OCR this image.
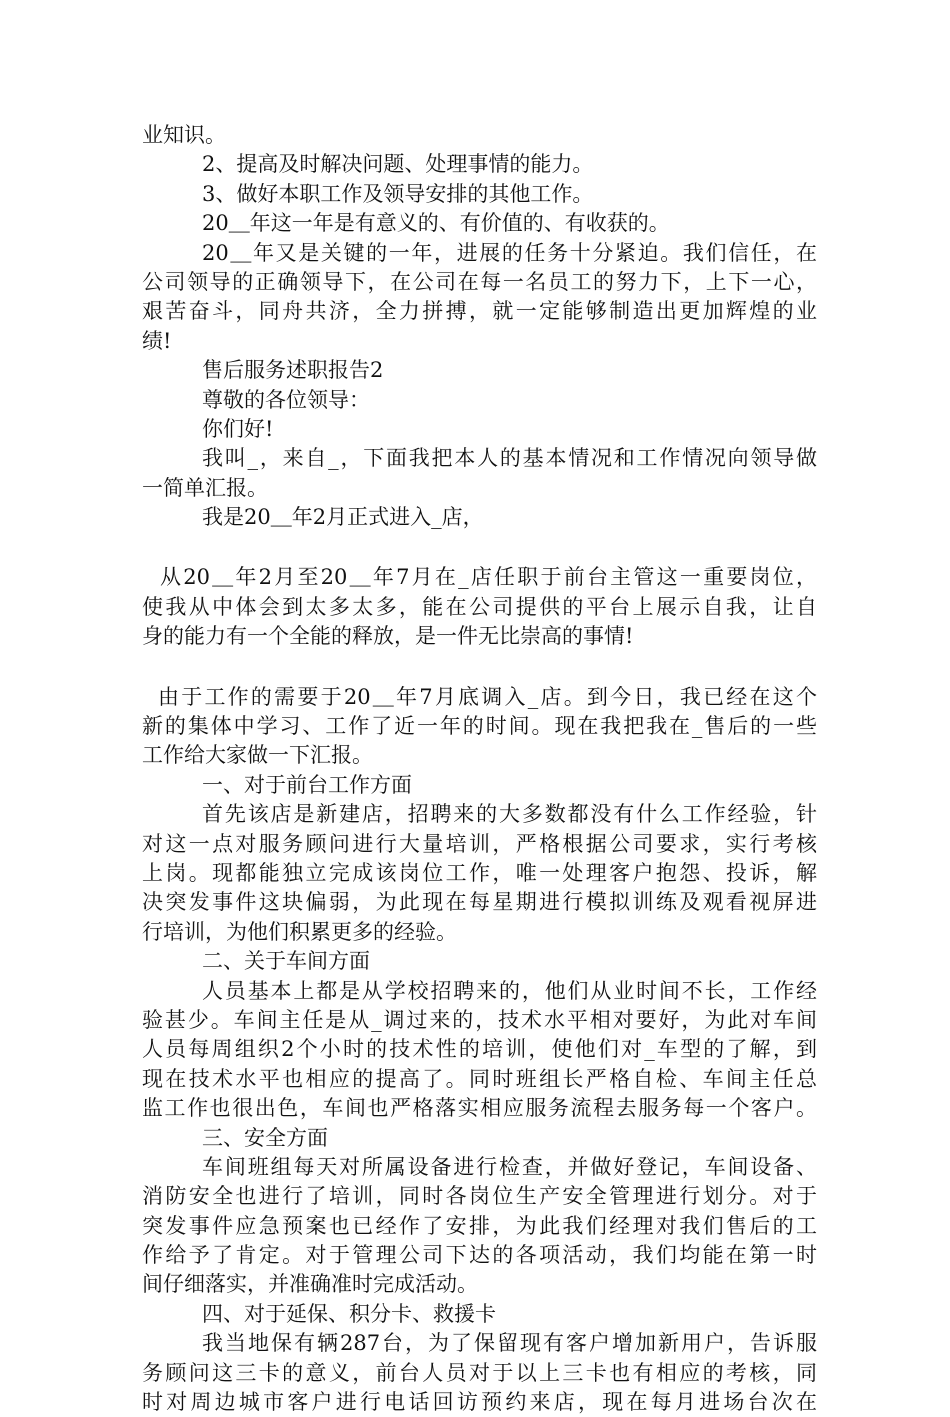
业知识。
2、提高及时解决问题、处理事情的能力。
3、做好本职工作及领导安排的其他工作。
20＿年这一年是有意义的、有价值的、有收获的。
20＿年又是关键的一年，进展的任务十分紧迫。我们信任，在
公司领导的正确领导下，在公司在每一名员工的努力下，上下一心，
艰苦奋斗，同舟共济，全力拼搏，就一定能够制造出更加辉煌的业
绩!
售后服务述职报告2
尊敬的各位领导：
你们好!
我叫_，来自_，下面我把本人的基本情况和工作情况向领导做
一简单汇报。
我是20＿年2月正式进入_店，
从20＿年2月至20＿年7月在_店任职于前台主管这一重要岗位，
使我从中体会到太多太多，能在公司提供的平台上展示自我，让自
身的能力有一个全能的释放，是一件无比崇高的事情!
由于工作的需要于20＿年7月底调入_店。到今日，我已经在这个
新的集体中学习、工作了近一年的时间。现在我把我在_售后的一些
工作给大家做一下汇报。
一、对于前台工作方面
首先该店是新建店，招聘来的大多数都没有什么工作经验，针
对这一点对服务顾问进行大量培训，严格根据公司要求，实行考核
上岗。现都能独立完成该岗位工作，唯一处理客户抱怨、投诉，解
决突发事件这块偏弱，为此现在每星期进行模拟训练及观看视屏进
行培训，为他们积累更多的经验。
二、关于车间方面
人员基本上都是从学校招聘来的，他们从业时间不长，工作经
验甚少。车间主任是从_调过来的，技术水平相对要好，为此对车间
人员每周组织2个小时的技术性的培训，使他们对_车型的了解，到
现在技术水平也相应的提高了。同时班组长严格自检、车间主任总
监工作也很出色，车间也严格落实相应服务流程去服务每一个客户。
三、安全方面
车间班组每天对所属设备进行检查，并做好登记，车间设备、
消防安全也进行了培训，同时各岗位生产安全管理进行划分。对于
突发事件应急预案也已经作了安排，为此我们经理对我们售后的工
作给予了肯定。对于管理公司下达的各项活动，我们均能在第一时
间仔细落实，并准确准时完成活动。
四、对于延保、积分卡、救援卡
我当地保有辆287台，为了保留现有客户增加新用户，告诉服
务顾问这三卡的意义，前台人员对于以上三卡也有相应的考核，同
时对周边城市客户进行电话回访预约来店，现在每月进场台次在
